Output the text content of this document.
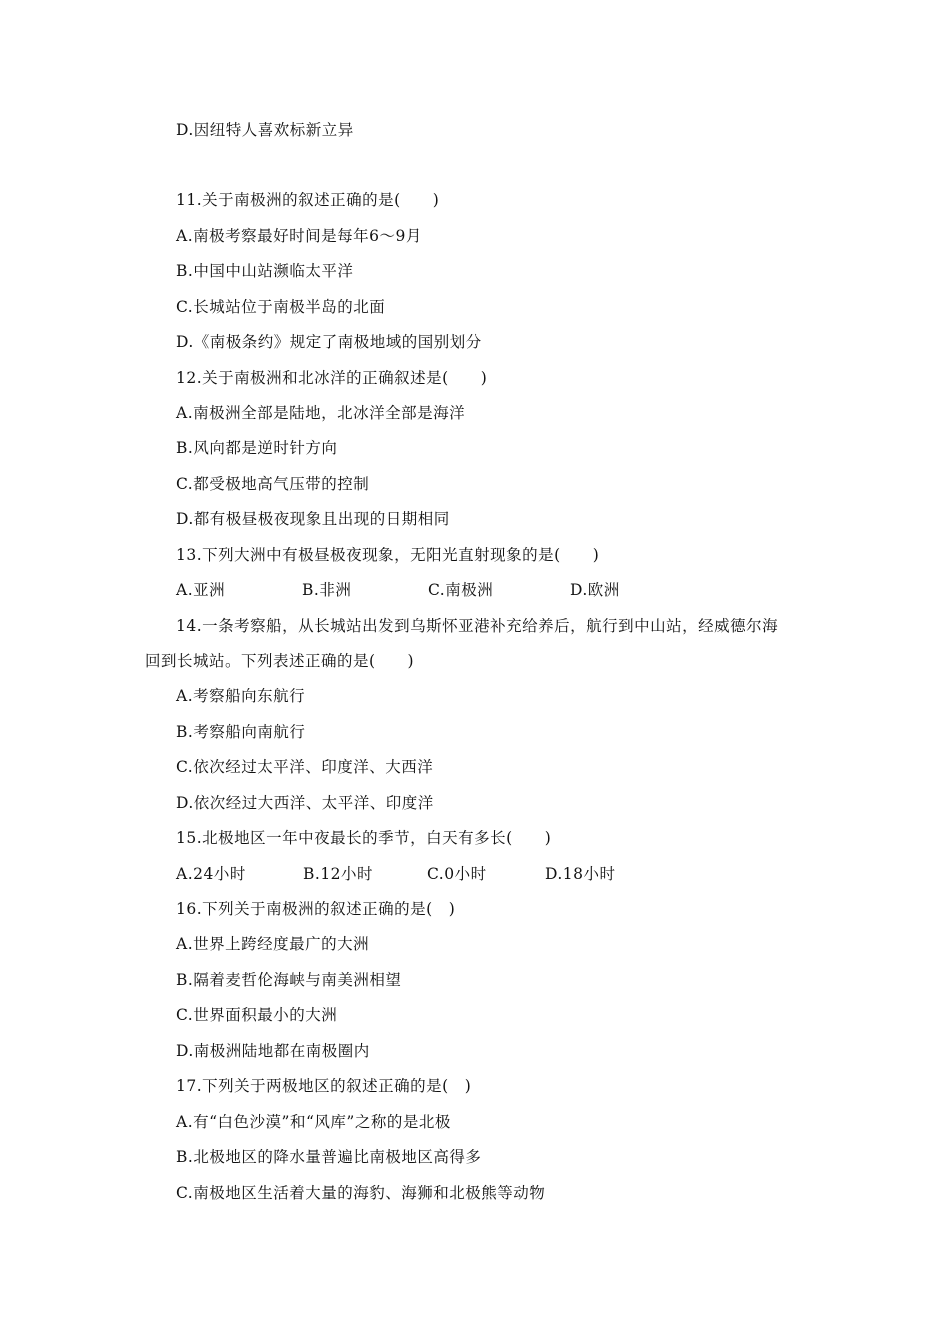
D.因纽特人喜欢标新立异
11.关于南极洲的叙述正确的是(　　)
A.南极考察最好时间是每年6～9月
B.中国中山站濒临太平洋
C.长城站位于南极半岛的北面
D.《南极条约》规定了南极地域的国别划分
12.关于南极洲和北冰洋的正确叙述是(　　)
A.南极洲全部是陆地，北冰洋全部是海洋
B.风向都是逆时针方向
C.都受极地高气压带的控制
D.都有极昼极夜现象且出现的日期相同
13.下列大洲中有极昼极夜现象，无阳光直射现象的是(　　)
A.亚洲	B.非洲	C.南极洲	D.欧洲
14.一条考察船，从长城站出发到乌斯怀亚港补充给养后，航行到中山站，经威德尔海
回到长城站。下列表述正确的是(　　)
A.考察船向东航行
B.考察船向南航行
C.依次经过太平洋、印度洋、大西洋
D.依次经过大西洋、太平洋、印度洋
15.北极地区一年中夜最长的季节，白天有多长(　　)
A.24小时	B.12小时	C.0小时	D.18小时
16.下列关于南极洲的叙述正确的是(　)
A.世界上跨经度最广的大洲
B.隔着麦哲伦海峡与南美洲相望
C.世界面积最小的大洲
D.南极洲陆地都在南极圈内
17.下列关于两极地区的叙述正确的是(　)
A.有“白色沙漠”和“风库”之称的是北极
B.北极地区的降水量普遍比南极地区高得多
C.南极地区生活着大量的海豹、海狮和北极熊等动物
